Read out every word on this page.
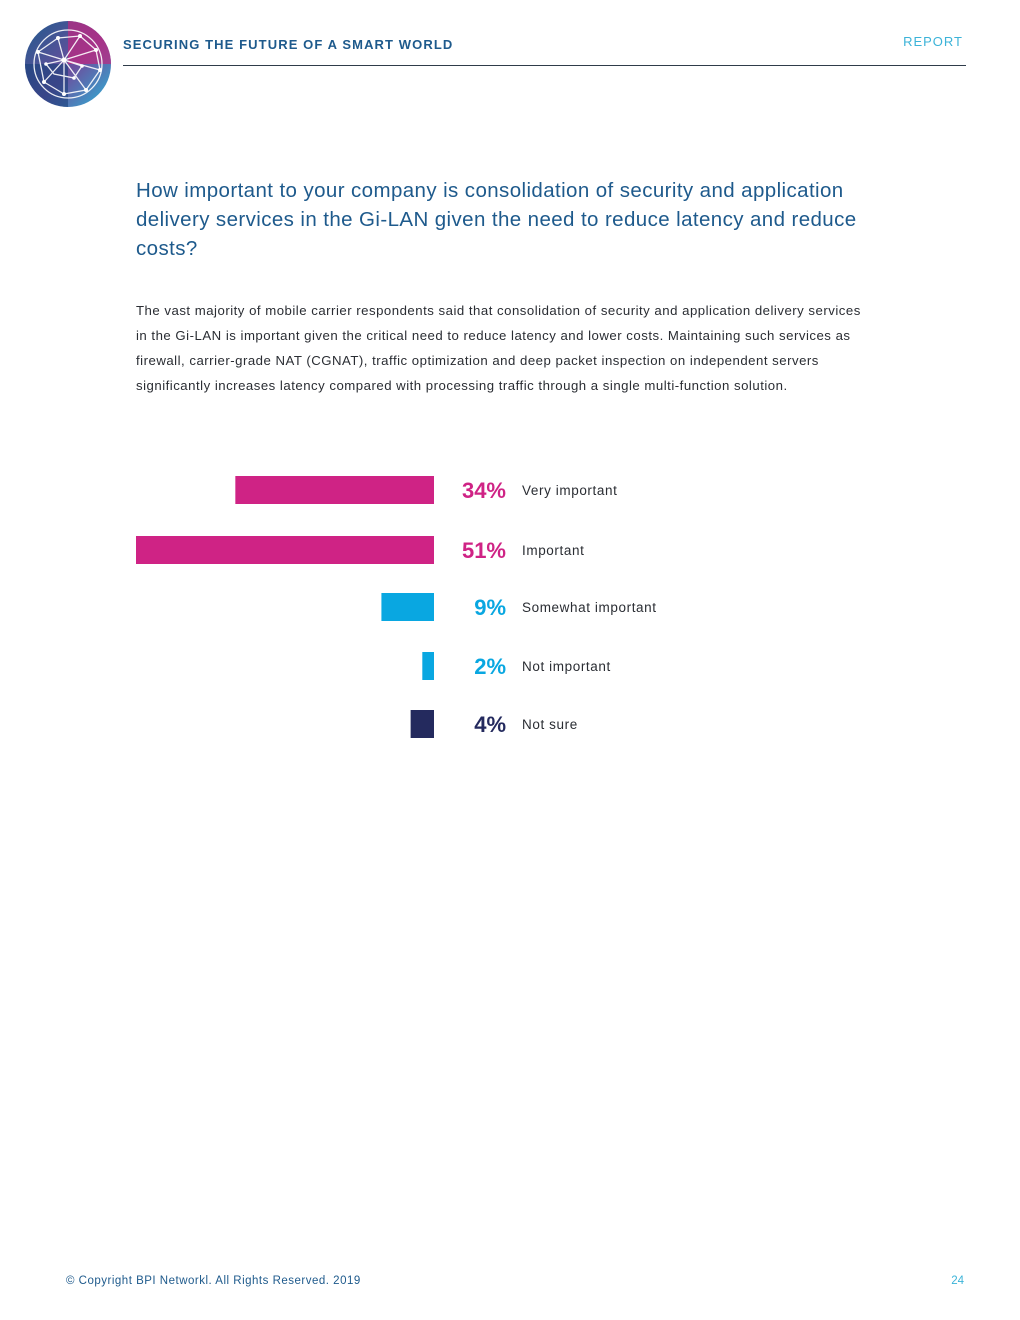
SECURING THE FUTURE OF A SMART WORLD	REPORT
How important to your company is consolidation of security and application delivery services in the Gi-LAN given the need to reduce latency and reduce costs?
The vast majority of mobile carrier respondents said that consolidation of security and application delivery services in the Gi-LAN is important given the critical need to reduce latency and lower costs. Maintaining such services as firewall, carrier-grade NAT (CGNAT), traffic optimization and deep packet inspection on independent servers significantly increases latency compared with processing traffic through a single multi-function solution.
34% Very important
51% Important
9% Somewhat important
2% Not important
4% Not sure
© Copyright BPI Networkl. All Rights Reserved. 2019	24
